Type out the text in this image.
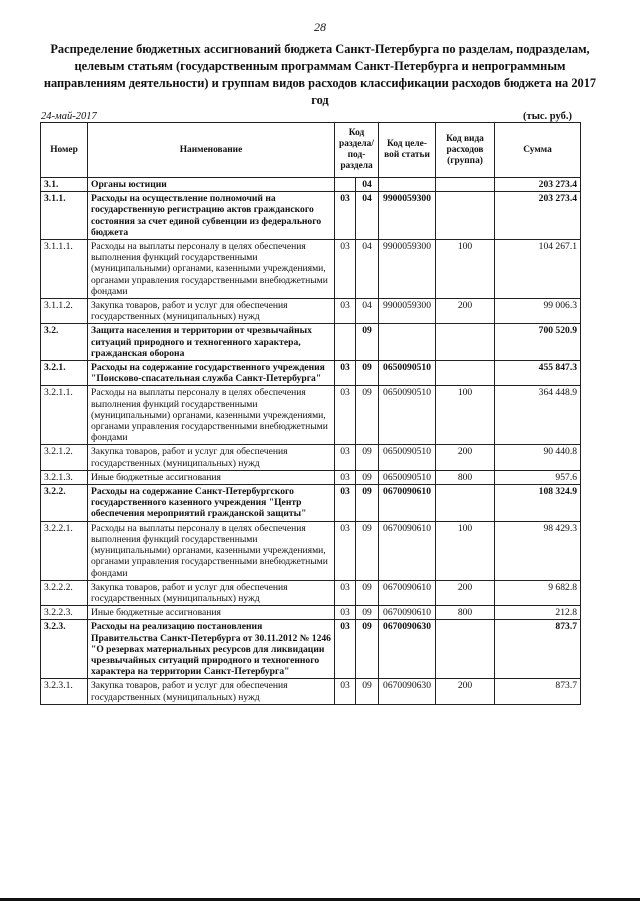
28
Распределение бюджетных ассигнований бюджета Санкт-Петербурга по разделам, подразделам, целевым статьям (государственным программам Санкт-Петербурга и непрограммным направлениям деятельности) и группам видов расходов классификации расходов бюджета на 2017 год
24-май-2017	(тыс. руб.)
Номер	Наименование	Код раздела/ под- раздела		Код целе- вой статьи	Код вида расходов (группа)	Сумма
3.1.	Органы юстиции		04			203 273.4
3.1.1.	Расходы на осуществление полномочий на государственную регистрацию актов гражданского состояния за счет единой субвенции из федерального бюджета	03	04	9900059300		203 273.4
3.1.1.1.	Расходы на выплаты персоналу в целях обеспечения выполнения функций государственными (муниципальными) органами, казенными учреждениями, органами управления государственными внебюджетными фондами	03	04	9900059300	100	104 267.1
3.1.1.2.	Закупка товаров, работ и услуг для обеспечения государственных (муниципальных) нужд	03	04	9900059300	200	99 006.3
3.2.	Защита населения и территории от чрезвычайных ситуаций природного и техногенного характера, гражданская оборона		09			700 520.9
3.2.1.	Расходы на содержание государственного учреждения "Поисково-спасательная служба Санкт-Петербурга"	03	09	0650090510		455 847.3
3.2.1.1.	Расходы на выплаты персоналу в целях обеспечения выполнения функций государственными (муниципальными) органами, казенными учреждениями, органами управления государственными внебюджетными фондами	03	09	0650090510	100	364 448.9
3.2.1.2.	Закупка товаров, работ и услуг для обеспечения государственных (муниципальных) нужд	03	09	0650090510	200	90 440.8
3.2.1.3.	Иные бюджетные ассигнования	03	09	0650090510	800	957.6
3.2.2.	Расходы на содержание Санкт-Петербургского государственного казенного учреждения "Центр обеспечения мероприятий гражданской защиты"	03	09	0670090610		108 324.9
3.2.2.1.	Расходы на выплаты персоналу в целях обеспечения выполнения функций государственными (муниципальными) органами, казенными учреждениями, органами управления государственными внебюджетными фондами	03	09	0670090610	100	98 429.3
3.2.2.2.	Закупка товаров, работ и услуг для обеспечения государственных (муниципальных) нужд	03	09	0670090610	200	9 682.8
3.2.2.3.	Иные бюджетные ассигнования	03	09	0670090610	800	212.8
3.2.3.	Расходы на реализацию постановления Правительства Санкт-Петербурга от 30.11.2012 № 1246 "О резервах материальных ресурсов для ликвидации чрезвычайных ситуаций природного и техногенного характера на территории Санкт-Петербурга"	03	09	0670090630		873.7
3.2.3.1.	Закупка товаров, работ и услуг для обеспечения государственных (муниципальных) нужд	03	09	0670090630	200	873.7
